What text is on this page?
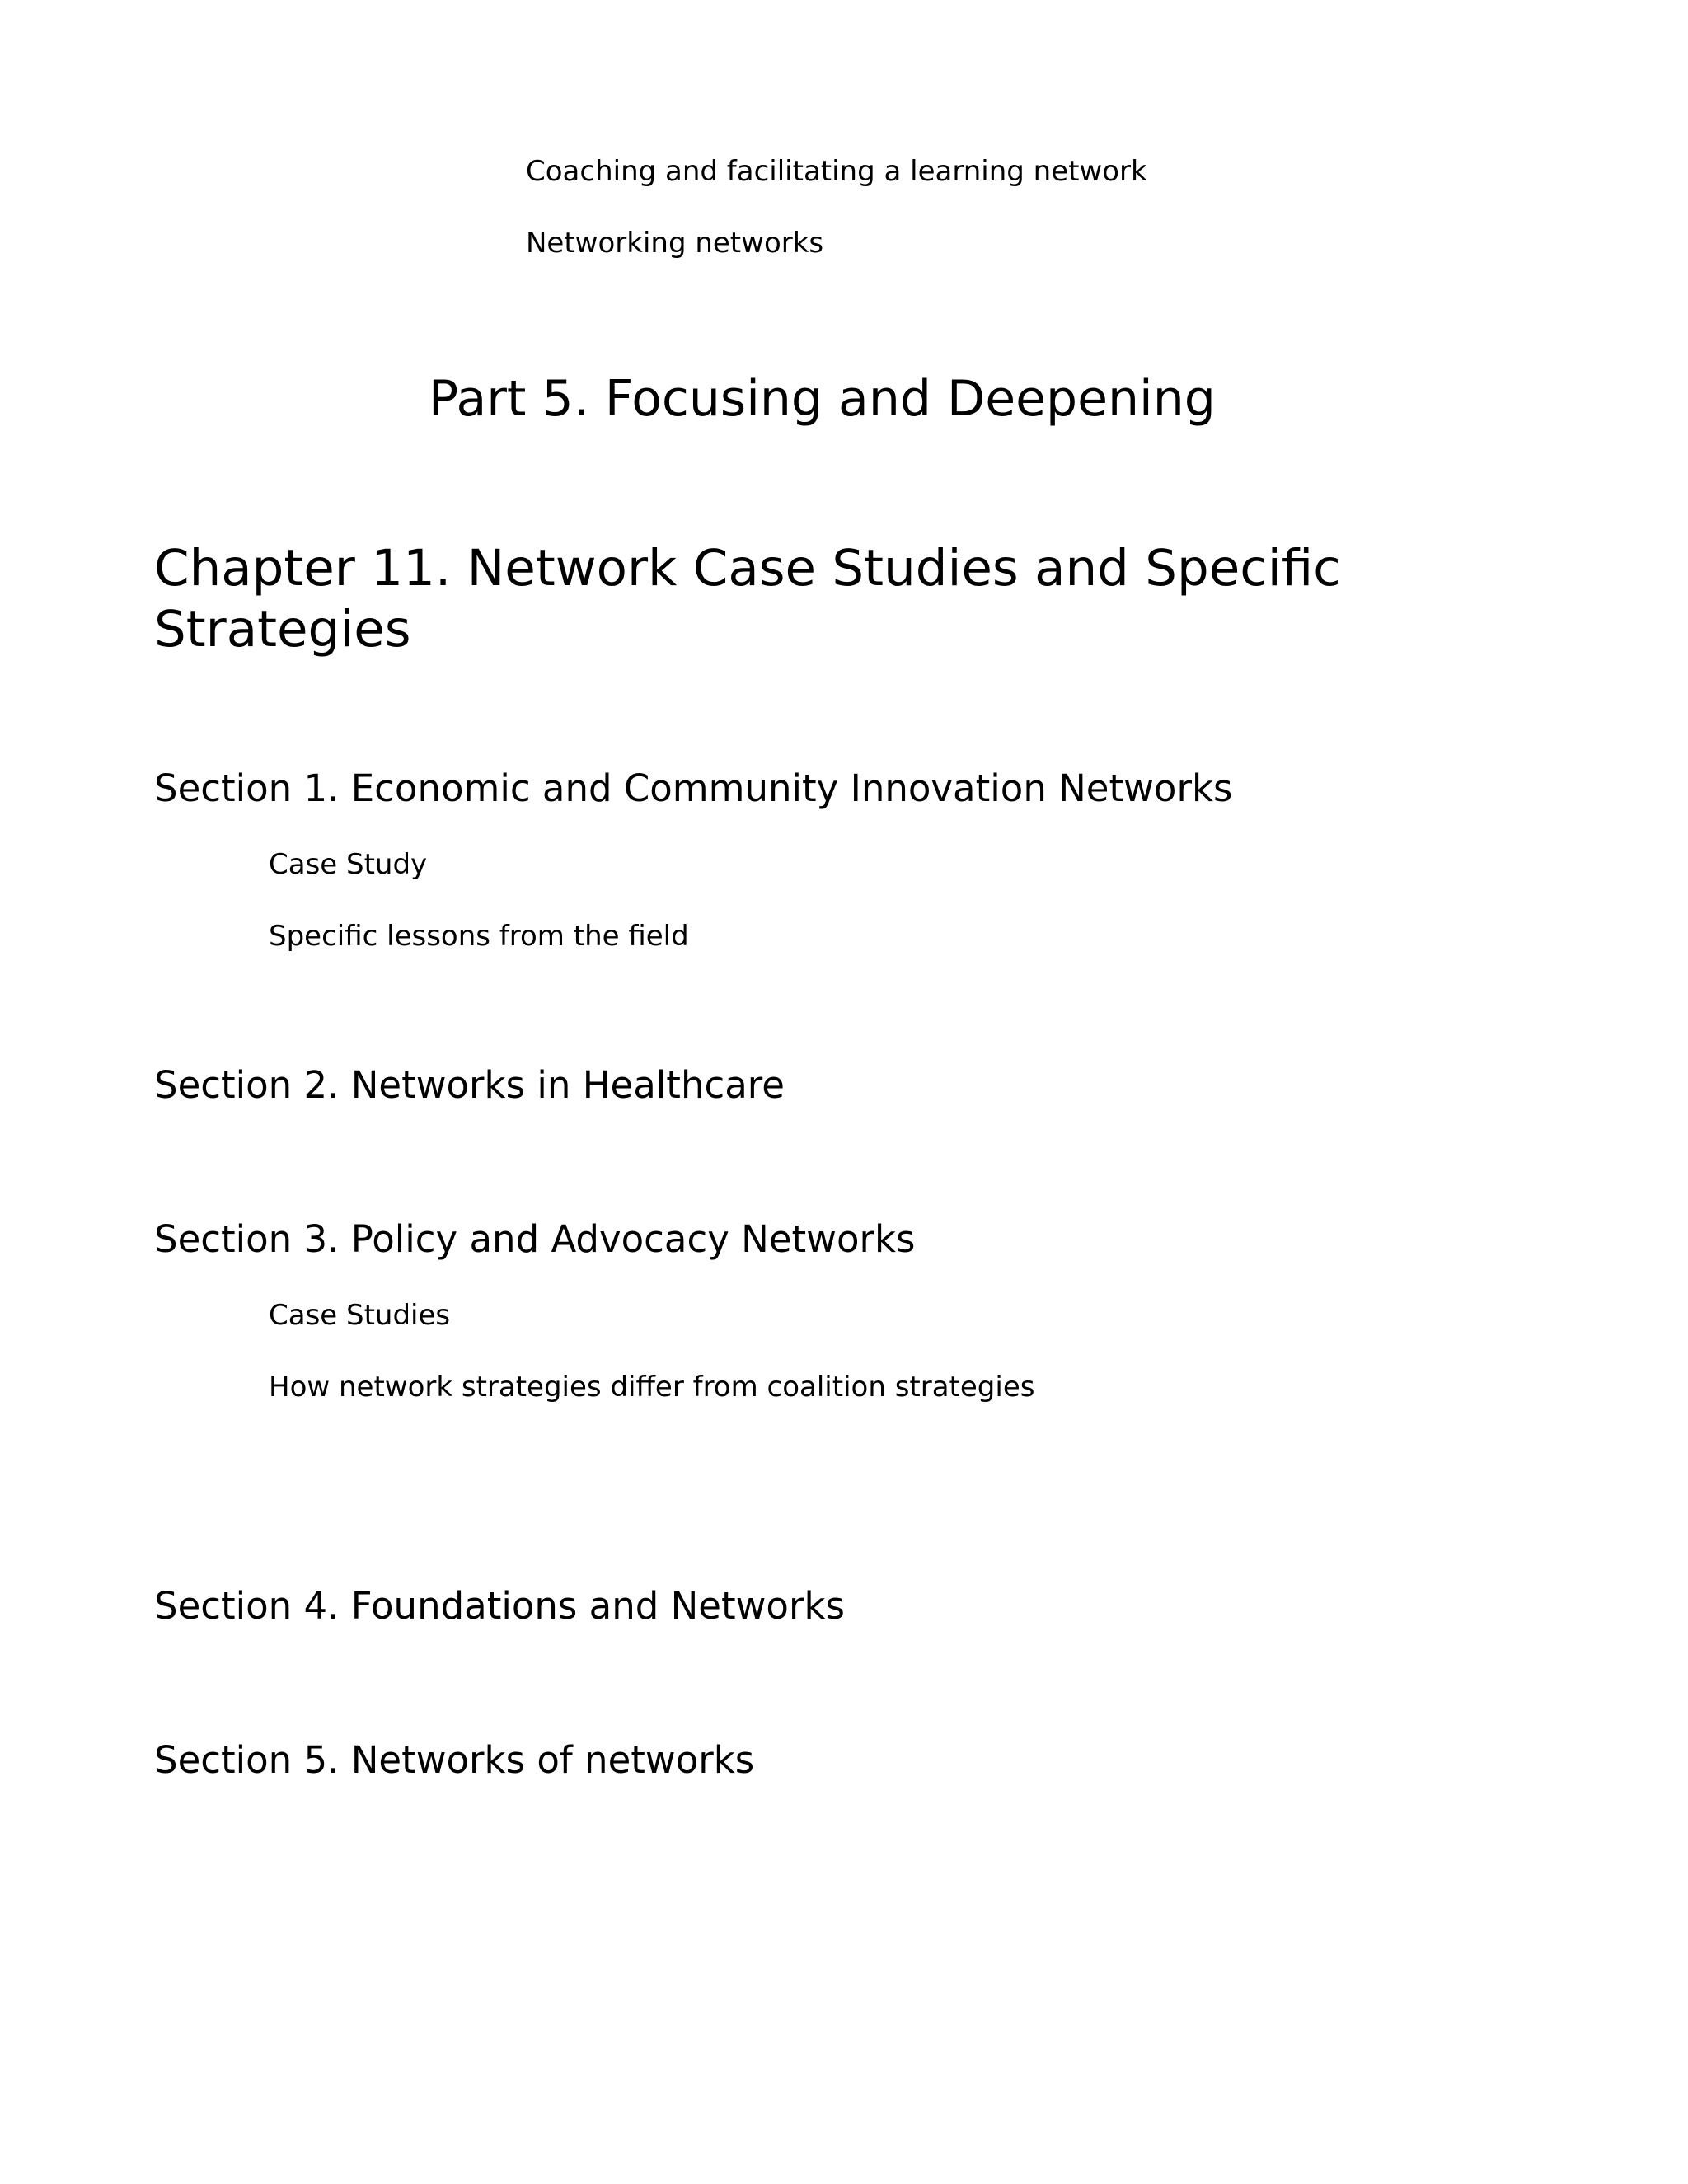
Coaching and facilitating a learning network

Networking networks

Part 5. Focusing and Deepening
Chapter 11. Network Case Studies and Specific Strategies
Section 1. Economic and Community Innovation Networks

Case Study

Specific lessons from the field

Section 2. Networks in Healthcare
Section 3. Policy and Advocacy Networks

Case Studies

How network strategies differ from coalition strategies

Section 4. Foundations and Networks
Section 5. Networks of networks
